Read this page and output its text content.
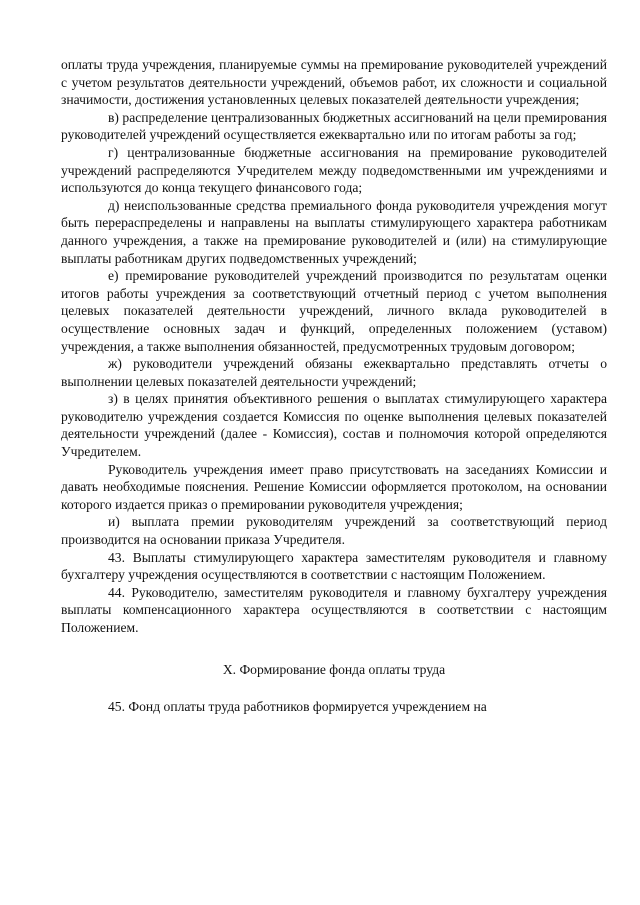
оплаты труда учреждения, планируемые суммы на премирование руководителей учреждений с учетом результатов деятельности учреждений, объемов работ, их сложности и социальной значимости, достижения установленных целевых показателей деятельности учреждения;

в) распределение централизованных бюджетных ассигнований на цели премирования руководителей учреждений осуществляется ежеквартально или по итогам работы за год;

г) централизованные бюджетные ассигнования на премирование руководителей учреждений распределяются Учредителем между подведомственными им учреждениями и используются до конца текущего финансового года;

д) неиспользованные средства премиального фонда руководителя учреждения могут быть перераспределены и направлены на выплаты стимулирующего характера работникам данного учреждения, а также на премирование руководителей и (или) на стимулирующие выплаты работникам других подведомственных учреждений;

е) премирование руководителей учреждений производится по результатам оценки итогов работы учреждения за соответствующий отчетный период с учетом выполнения целевых показателей деятельности учреждений, личного вклада руководителей в осуществление основных задач и функций, определенных положением (уставом) учреждения, а также выполнения обязанностей, предусмотренных трудовым договором;

ж) руководители учреждений обязаны ежеквартально представлять отчеты о выполнении целевых показателей деятельности учреждений;

з) в целях принятия объективного решения о выплатах стимулирующего характера руководителю учреждения создается Комиссия по оценке выполнения целевых показателей деятельности учреждений (далее - Комиссия), состав и полномочия которой определяются Учредителем.

Руководитель учреждения имеет право присутствовать на заседаниях Комиссии и давать необходимые пояснения. Решение Комиссии оформляется протоколом, на основании которого издается приказ о премировании руководителя учреждения;

и) выплата премии руководителям учреждений за соответствующий период производится на основании приказа Учредителя.

43. Выплаты стимулирующего характера заместителям руководителя и главному бухгалтеру учреждения осуществляются в соответствии с настоящим Положением.

44. Руководителю, заместителям руководителя и главному бухгалтеру учреждения выплаты компенсационного характера осуществляются в соответствии с настоящим Положением.

X. Формирование фонда оплаты труда

45. Фонд оплаты труда работников формируется учреждением на
